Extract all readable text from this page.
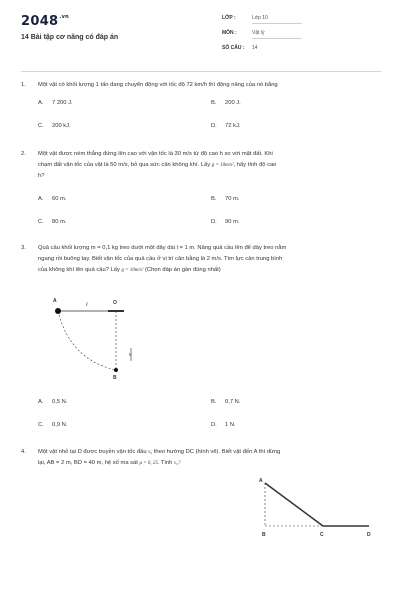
$2048^{.vn}$
14 Bài tập cơ năng có đáp án
LỚP :	Lớp 10
MÔN :	Vật lý
SỐ CÂU : 14
1. Một vật có khối lượng 1 tấn đang chuyển động với tốc độ 72 km/h thì động năng của nó bằng
A. 7 200 J.	B. 200 J.
C. 200 kJ.	D. 72 kJ.
2. Một vật được ném thẳng đứng lên cao với vận tốc là 30 m/s từ độ cao h so với mặt đất. Khi
chạm đất vận tốc của vật là 50 m/s, bỏ qua sức cản không khí. Lấy g = 10m/s², hãy tính độ cao
h?
A. 60 m.	B. 70 m.
C. 80 m.	D. 90 m.
3. Quả cầu khối lượng m = 0,1 kg treo dưới một dây dài l = 1 m. Nâng quả cầu lên để dây treo nằm
ngang rồi buông tay. Biết vận tốc của quả cầu ở vị trí cân bằng là 2 m/s. Tìm lực cản trung bình
của không khí lên quả cầu? Lấy g = 10m/s² (Chọn đáp án gần đúng nhất)
A
ℓ	O
v
B
A. 0,5 N.	B. 0,7 N.
C. 0,9 N.	D. 1 N.
4. Một vật nhỏ tại D được truyền vận tốc đầu v₀ theo hướng DC (hình vẽ). Biết vật đến A thì dừng
lại, AB = 2 m, BD = 40 m, hệ số ma sát μ = 0, 25. Tính v₀?
A
B	C	D
